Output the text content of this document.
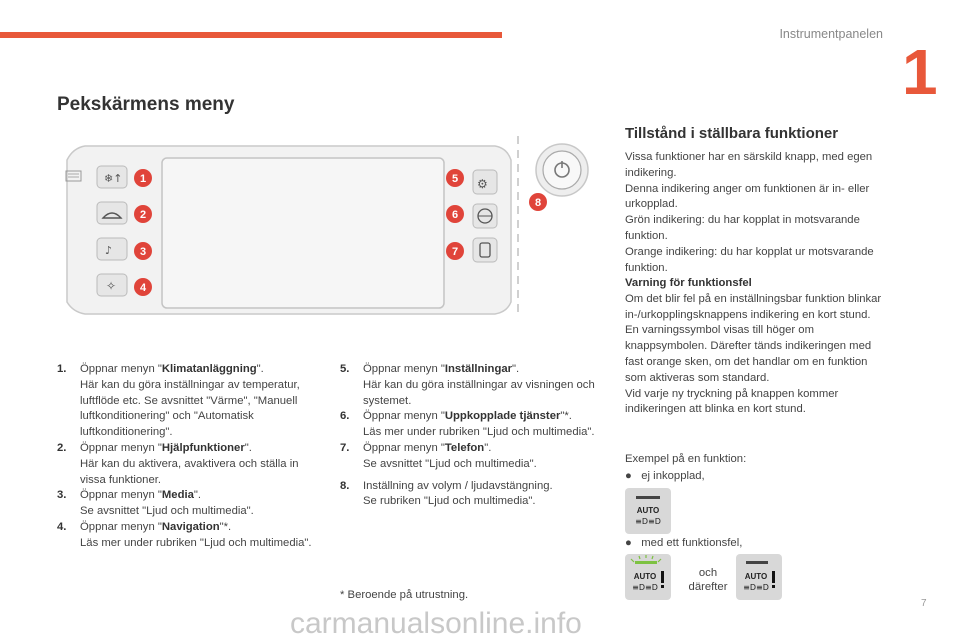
Instrumentpanelen
1
Pekskärmens meny
❄↑
♪
✧
⚙
1
2
3
4
5
6
7
8
1. Öppnar menyn "Klimatanläggning".
Här kan du göra inställningar av temperatur, luftflöde etc. Se avsnittet "Värme", "Manuell luftkonditionering" och "Automatisk luftkonditionering".
2. Öppnar menyn "Hjälpfunktioner".
Här kan du aktivera, avaktivera och ställa in vissa funktioner.
3. Öppnar menyn "Media".
Se avsnittet "Ljud och multimedia".
4. Öppnar menyn "Navigation"*.
Läs mer under rubriken "Ljud och multimedia".
5. Öppnar menyn "Inställningar".
Här kan du göra inställningar av visningen och systemet.
6. Öppnar menyn "Uppkopplade tjänster"*.
Läs mer under rubriken "Ljud och multimedia".
7. Öppnar menyn "Telefon".
Se avsnittet "Ljud och multimedia".
8. Inställning av volym / ljudavstängning.
Se rubriken "Ljud och multimedia".
* Beroende på utrustning.
Tillstånd i ställbara funktioner
Vissa funktioner har en särskild knapp, med egen indikering.
Denna indikering anger om funktionen är in- eller urkopplad.
Grön indikering: du har kopplat in motsvarande funktion.
Orange indikering: du har kopplat ur motsvarande funktion.
Varning för funktionsfel
Om det blir fel på en inställningsbar funktion blinkar in-/urkopplingsknappens indikering en kort stund.
En varningssymbol visas till höger om knappsymbolen. Därefter tänds indikeringen med fast orange sken, om det handlar om en funktion som aktiveras som standard.
Vid varje ny tryckning på knappen kommer indikeringen att blinka en kort stund.
Exempel på en funktion:
●   ej inkopplad,
AUTO
≡D≡D
●   med ett funktionsfel,
AUTO
≡D≡D
och
därefter
AUTO
≡D≡D
carmanualsonline.info
7
